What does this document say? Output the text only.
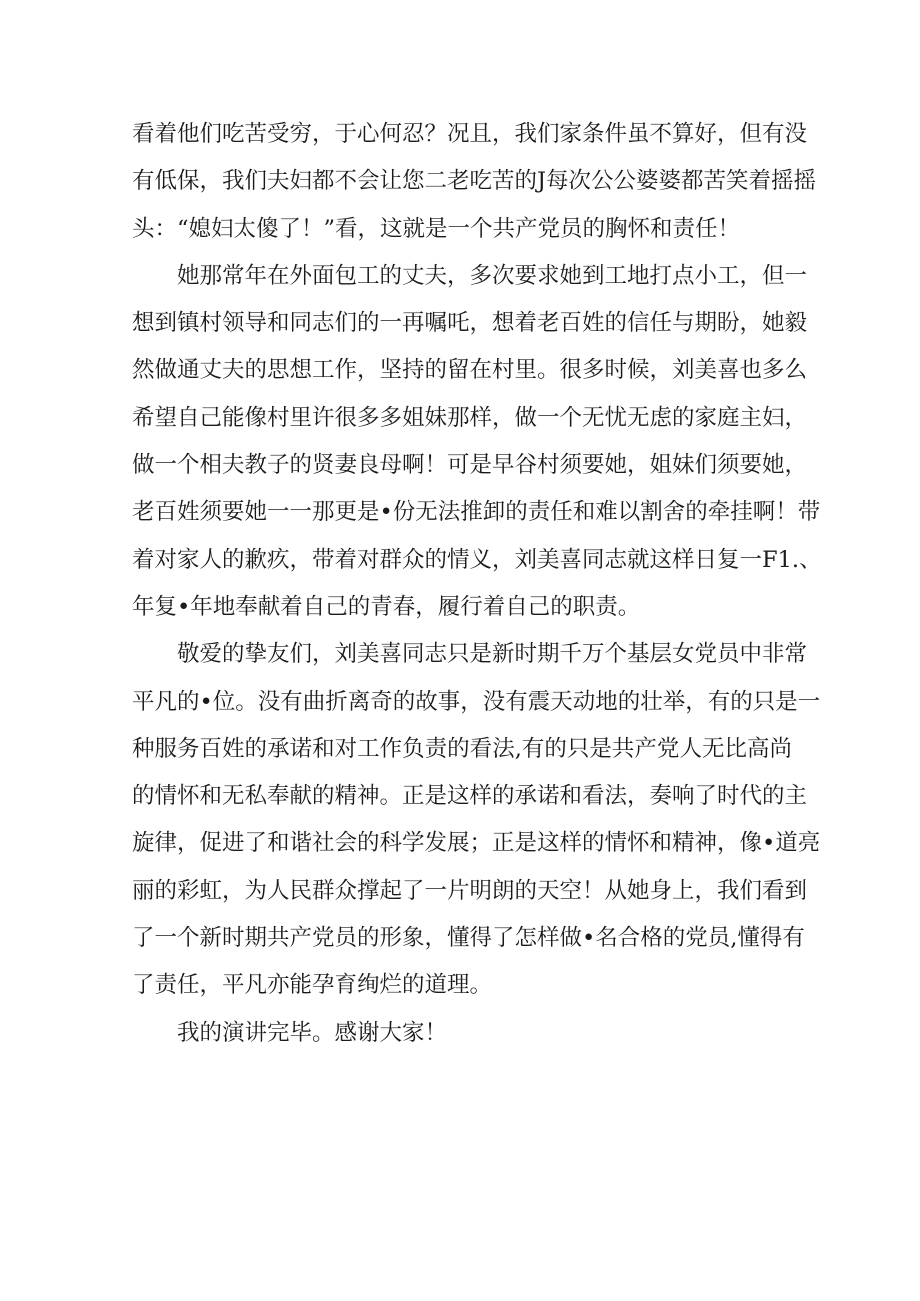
看着他们吃苦受穷，于心何忍？况且，我们家条件虽不算好，但有没
有低保，我们夫妇都不会让您二老吃苦的J每次公公婆婆都苦笑着摇摇
头：“媳妇太傻了！”看，这就是一个共产党员的胸怀和责任！
她那常年在外面包工的丈夫，多次要求她到工地打点小工，但一
想到镇村领导和同志们的一再嘱吒，想着老百姓的信任与期盼，她毅
然做通丈夫的思想工作，坚持的留在村里。很多时候，刘美喜也多么
希望自己能像村里许很多多姐妹那样，做一个无忧无虑的家庭主妇，
做一个相夫教子的贤妻良母啊！可是早谷村须要她，姐妹们须要她，
老百姓须要她一一那更是•份无法推卸的责任和难以割舍的牵挂啊！带
着对家人的歉疚，带着对群众的情义，刘美喜同志就这样日复一F1.、
年复•年地奉献着自己的青春，履行着自己的职责。
敬爱的挚友们，刘美喜同志只是新时期千万个基层女党员中非常
平凡的•位。没有曲折离奇的故事，没有震天动地的壮举，有的只是一
种服务百姓的承诺和对工作负责的看法,有的只是共产党人无比高尚
的情怀和无私奉献的精神。正是这样的承诺和看法，奏响了时代的主
旋律，促进了和谐社会的科学发展；正是这样的情怀和精神，像•道亮
丽的彩虹，为人民群众撑起了一片明朗的天空！从她身上，我们看到
了一个新时期共产党员的形象，懂得了怎样做•名合格的党员,懂得有
了责任，平凡亦能孕育绚烂的道理。
我的演讲完毕。感谢大家！
